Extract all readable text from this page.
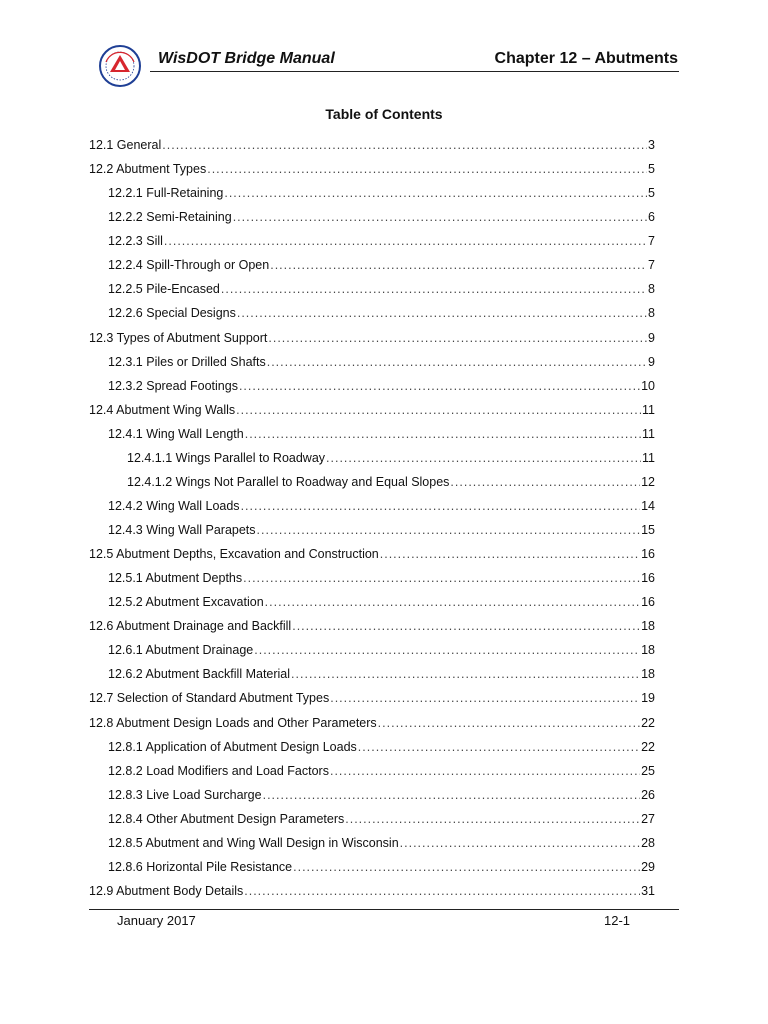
WisDOT Bridge Manual	Chapter 12 – Abutments
Table of Contents
12.1 General .....	3
12.2 Abutment Types .....	5
12.2.1 Full-Retaining .....	5
12.2.2 Semi-Retaining .....	6
12.2.3 Sill .....	7
12.2.4 Spill-Through or Open .....	7
12.2.5 Pile-Encased .....	8
12.2.6 Special Designs .....	8
12.3 Types of Abutment Support .....	9
12.3.1 Piles or Drilled Shafts .....	9
12.3.2 Spread Footings .....	10
12.4 Abutment Wing Walls .....	11
12.4.1 Wing Wall Length .....	11
12.4.1.1 Wings Parallel to Roadway .....	11
12.4.1.2 Wings Not Parallel to Roadway and Equal Slopes .....	12
12.4.2 Wing Wall Loads .....	14
12.4.3 Wing Wall Parapets .....	15
12.5 Abutment Depths, Excavation and Construction .....	16
12.5.1 Abutment Depths .....	16
12.5.2 Abutment Excavation .....	16
12.6 Abutment Drainage and Backfill .....	18
12.6.1 Abutment Drainage .....	18
12.6.2 Abutment Backfill Material .....	18
12.7 Selection of Standard Abutment Types .....	19
12.8 Abutment Design Loads and Other Parameters .....	22
12.8.1 Application of Abutment Design Loads .....	22
12.8.2 Load Modifiers and Load Factors .....	25
12.8.3 Live Load Surcharge .....	26
12.8.4 Other Abutment Design Parameters .....	27
12.8.5 Abutment and Wing Wall Design in Wisconsin .....	28
12.8.6 Horizontal Pile Resistance .....	29
12.9 Abutment Body Details .....	31
January 2017	12-1
